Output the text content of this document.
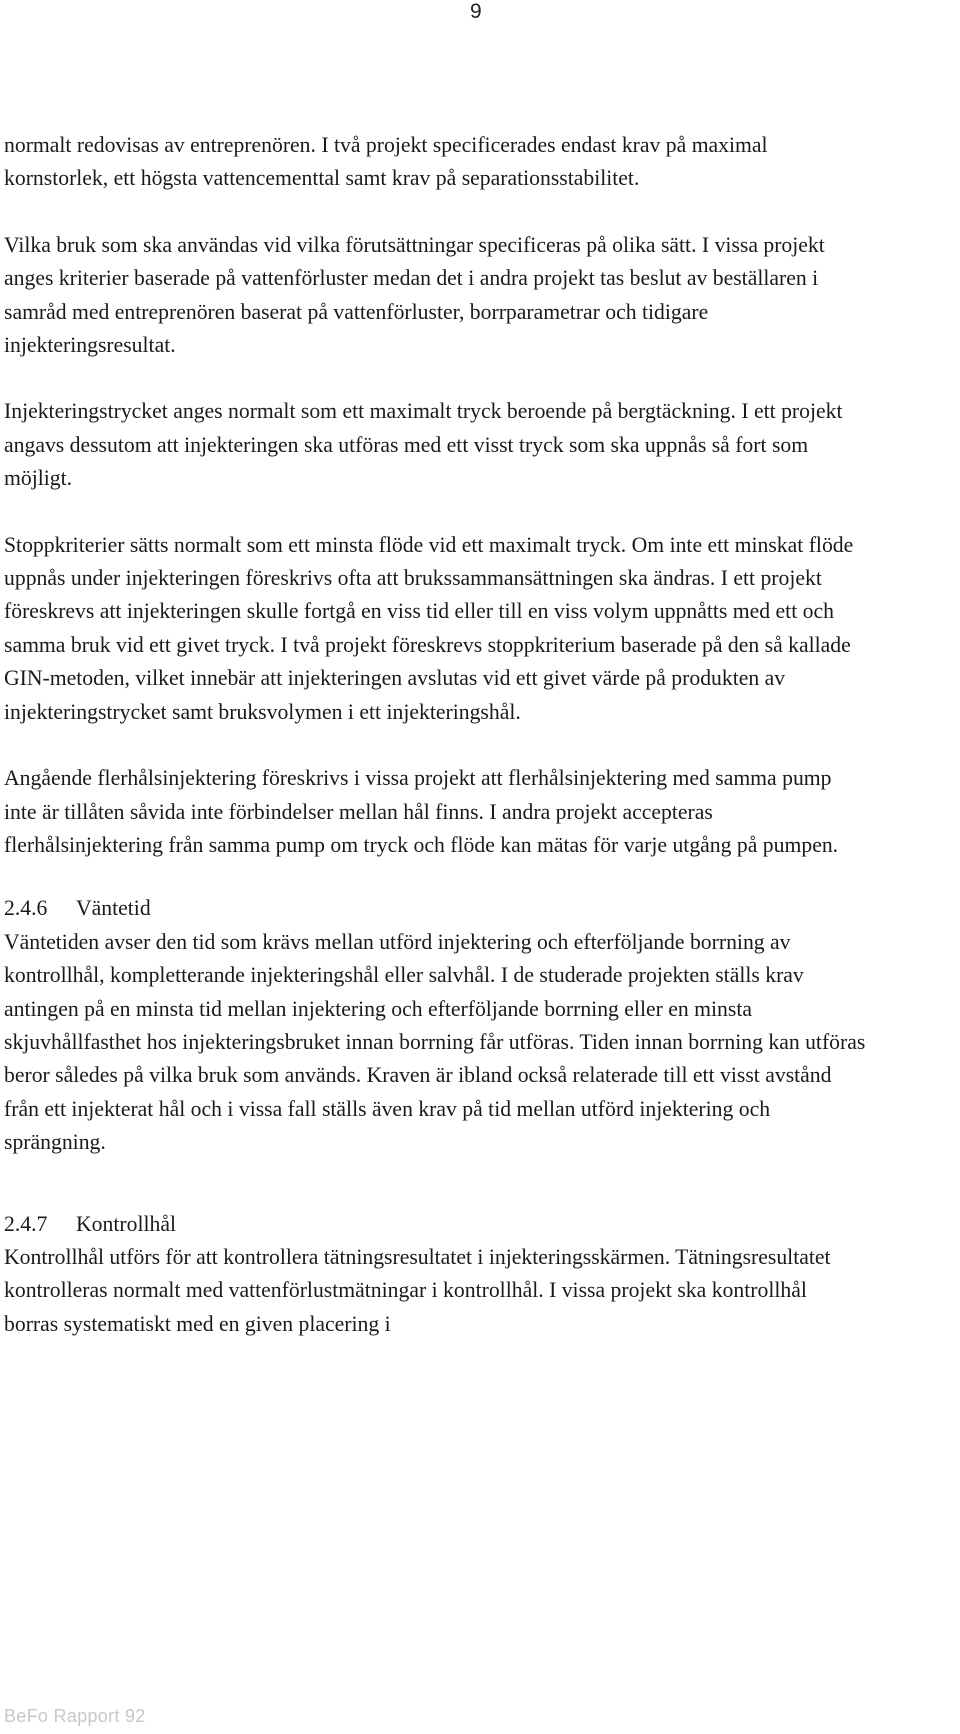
9

normalt redovisas av entreprenören. I två projekt specificerades endast krav på maximal kornstorlek, ett högsta vattencementtal samt krav på separationsstabilitet.

Vilka bruk som ska användas vid vilka förutsättningar specificeras på olika sätt. I vissa projekt anges kriterier baserade på vattenförluster medan det i andra projekt tas beslut av beställaren i samråd med entreprenören baserat på vattenförluster, borrparametrar och tidigare injekteringsresultat.

Injekteringstrycket anges normalt som ett maximalt tryck beroende på bergtäckning. I ett projekt angavs dessutom att injekteringen ska utföras med ett visst tryck som ska uppnås så fort som möjligt.

Stoppkriterier sätts normalt som ett minsta flöde vid ett maximalt tryck. Om inte ett minskat flöde uppnås under injekteringen föreskrivs ofta att brukssammansättningen ska ändras. I ett projekt föreskrevs att injekteringen skulle fortgå en viss tid eller till en viss volym uppnåtts med ett och samma bruk vid ett givet tryck. I två projekt föreskrevs stoppkriterium baserade på den så kallade GIN-metoden, vilket innebär att injekteringen avslutas vid ett givet värde på produkten av injekteringstrycket samt bruksvolymen i ett injekteringshål.

Angående flerhålsinjektering föreskrivs i vissa projekt att flerhålsinjektering med samma pump inte är tillåten såvida inte förbindelser mellan hål finns. I andra projekt accepteras flerhålsinjektering från samma pump om tryck och flöde kan mätas för varje utgång på pumpen.

2.4.6 Väntetid

Väntetiden avser den tid som krävs mellan utförd injektering och efterföljande borrning av kontrollhål, kompletterande injekteringshål eller salvhål. I de studerade projekten ställs krav antingen på en minsta tid mellan injektering och efterföljande borrning eller en minsta skjuvhållfasthet hos injekteringsbruket innan borrning får utföras. Tiden innan borrning kan utföras beror således på vilka bruk som används. Kraven är ibland också relaterade till ett visst avstånd från ett injekterat hål och i vissa fall ställs även krav på tid mellan utförd injektering och sprängning.

2.4.7 Kontrollhål

Kontrollhål utförs för att kontrollera tätningsresultatet i injekteringsskärmen. Tätningsresultatet kontrolleras normalt med vattenförlustmätningar i kontrollhål. I vissa projekt ska kontrollhål borras systematiskt med en given placering i

BeFo Rapport 92
